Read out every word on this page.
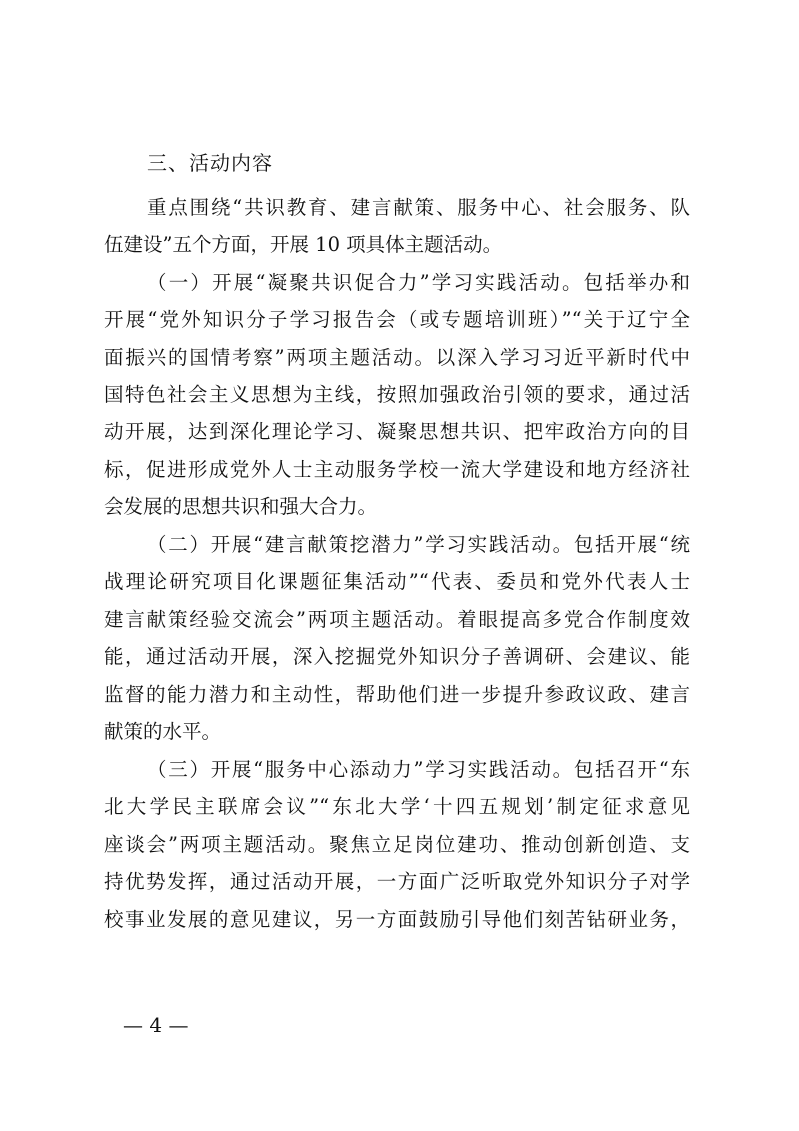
三、活动内容
重点围绕“共识教育、建言献策、服务中心、社会服务、队
伍建设”五个方面，开展 10 项具体主题活动。
（一）开展“凝聚共识促合力”学习实践活动。包括举办和
开展“党外知识分子学习报告会（或专题培训班）”“关于辽宁全
面振兴的国情考察”两项主题活动。以深入学习习近平新时代中
国特色社会主义思想为主线，按照加强政治引领的要求，通过活
动开展，达到深化理论学习、凝聚思想共识、把牢政治方向的目
标，促进形成党外人士主动服务学校一流大学建设和地方经济社
会发展的思想共识和强大合力。
（二）开展“建言献策挖潜力”学习实践活动。包括开展“统
战理论研究项目化课题征集活动”“代表、委员和党外代表人士
建言献策经验交流会”两项主题活动。着眼提高多党合作制度效
能，通过活动开展，深入挖掘党外知识分子善调研、会建议、能
监督的能力潜力和主动性，帮助他们进一步提升参政议政、建言
献策的水平。
（三）开展“服务中心添动力”学习实践活动。包括召开“东
北大学民主联席会议”“东北大学‘十四五规划’制定征求意见
座谈会”两项主题活动。聚焦立足岗位建功、推动创新创造、支
持优势发挥，通过活动开展，一方面广泛听取党外知识分子对学
校事业发展的意见建议，另一方面鼓励引导他们刻苦钻研业务，
— 4 —
